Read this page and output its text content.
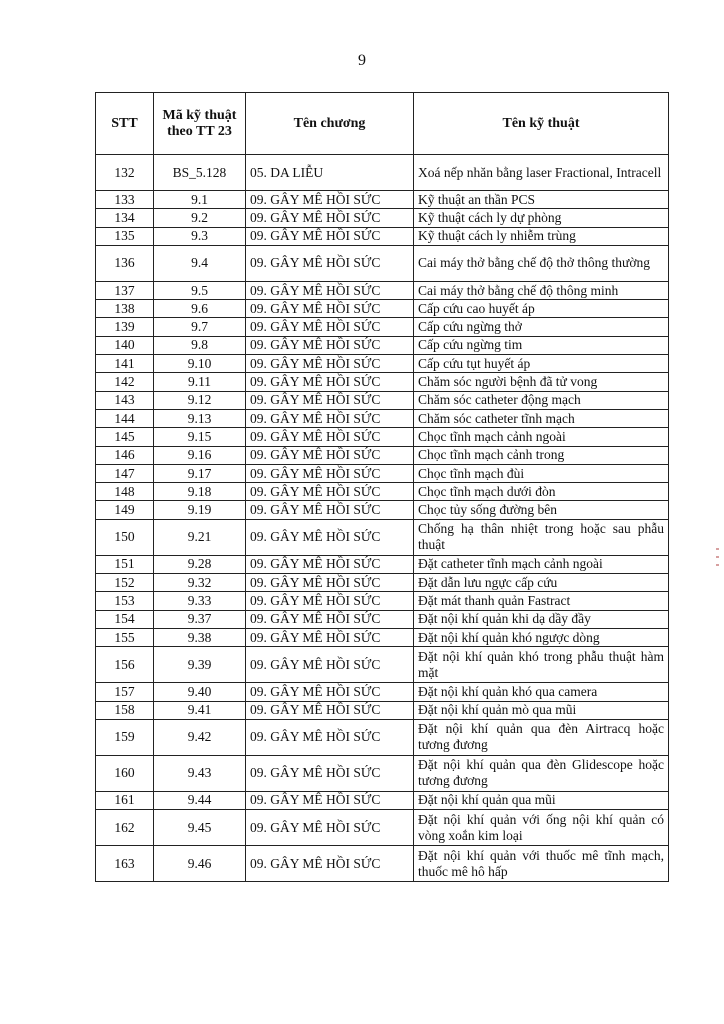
9
STT	Mã kỹ thuật theo TT 23	Tên chương	Tên kỹ thuật
132	BS_5.128	05. DA LIỄU	Xoá nếp nhăn bằng laser Fractional, Intracell
133	9.1	09. GÂY MÊ HỒI SỨC	Kỹ thuật an thần PCS
134	9.2	09. GÂY MÊ HỒI SỨC	Kỹ thuật cách ly dự phòng
135	9.3	09. GÂY MÊ HỒI SỨC	Kỹ thuật cách ly nhiễm trùng
136	9.4	09. GÂY MÊ HỒI SỨC	Cai máy thở bằng chế độ thở thông thường
137	9.5	09. GÂY MÊ HỒI SỨC	Cai máy thở bằng chế độ thông minh
138	9.6	09. GÂY MÊ HỒI SỨC	Cấp cứu cao huyết áp
139	9.7	09. GÂY MÊ HỒI SỨC	Cấp cứu ngừng thở
140	9.8	09. GÂY MÊ HỒI SỨC	Cấp cứu ngừng tim
141	9.10	09. GÂY MÊ HỒI SỨC	Cấp cứu tụt huyết áp
142	9.11	09. GÂY MÊ HỒI SỨC	Chăm sóc người bệnh đã tử vong
143	9.12	09. GÂY MÊ HỒI SỨC	Chăm sóc catheter động mạch
144	9.13	09. GÂY MÊ HỒI SỨC	Chăm sóc catheter tĩnh mạch
145	9.15	09. GÂY MÊ HỒI SỨC	Chọc tĩnh mạch cảnh ngoài
146	9.16	09. GÂY MÊ HỒI SỨC	Chọc tĩnh mạch cảnh trong
147	9.17	09. GÂY MÊ HỒI SỨC	Chọc tĩnh mạch đùi
148	9.18	09. GÂY MÊ HỒI SỨC	Chọc tĩnh mạch dưới đòn
149	9.19	09. GÂY MÊ HỒI SỨC	Chọc tủy sống đường bên
150	9.21	09. GÂY MÊ HỒI SỨC	Chống hạ thân nhiệt trong hoặc sau phẫu thuật
151	9.28	09. GÂY MÊ HỒI SỨC	Đặt catheter tĩnh mạch cảnh ngoài
152	9.32	09. GÂY MÊ HỒI SỨC	Đặt dẫn lưu ngực cấp cứu
153	9.33	09. GÂY MÊ HỒI SỨC	Đặt mát thanh quản Fastract
154	9.37	09. GÂY MÊ HỒI SỨC	Đặt nội khí quản khi dạ dầy đầy
155	9.38	09. GÂY MÊ HỒI SỨC	Đặt nội khí quản khó ngược dòng
156	9.39	09. GÂY MÊ HỒI SỨC	Đặt nội khí quản khó trong phẫu thuật hàm mặt
157	9.40	09. GÂY MÊ HỒI SỨC	Đặt nội khí quản khó qua camera
158	9.41	09. GÂY MÊ HỒI SỨC	Đặt nội khí quản mò qua mũi
159	9.42	09. GÂY MÊ HỒI SỨC	Đặt nội khí quản qua đèn Airtracq hoặc tương đương
160	9.43	09. GÂY MÊ HỒI SỨC	Đặt nội khí quản qua đèn Glidescope hoặc tương đương
161	9.44	09. GÂY MÊ HỒI SỨC	Đặt nội khí quản qua mũi
162	9.45	09. GÂY MÊ HỒI SỨC	Đặt nội khí quản với ống nội khí quản có vòng xoắn kim loại
163	9.46	09. GÂY MÊ HỒI SỨC	Đặt nội khí quản với thuốc mê tĩnh mạch, thuốc mê hô hấp
